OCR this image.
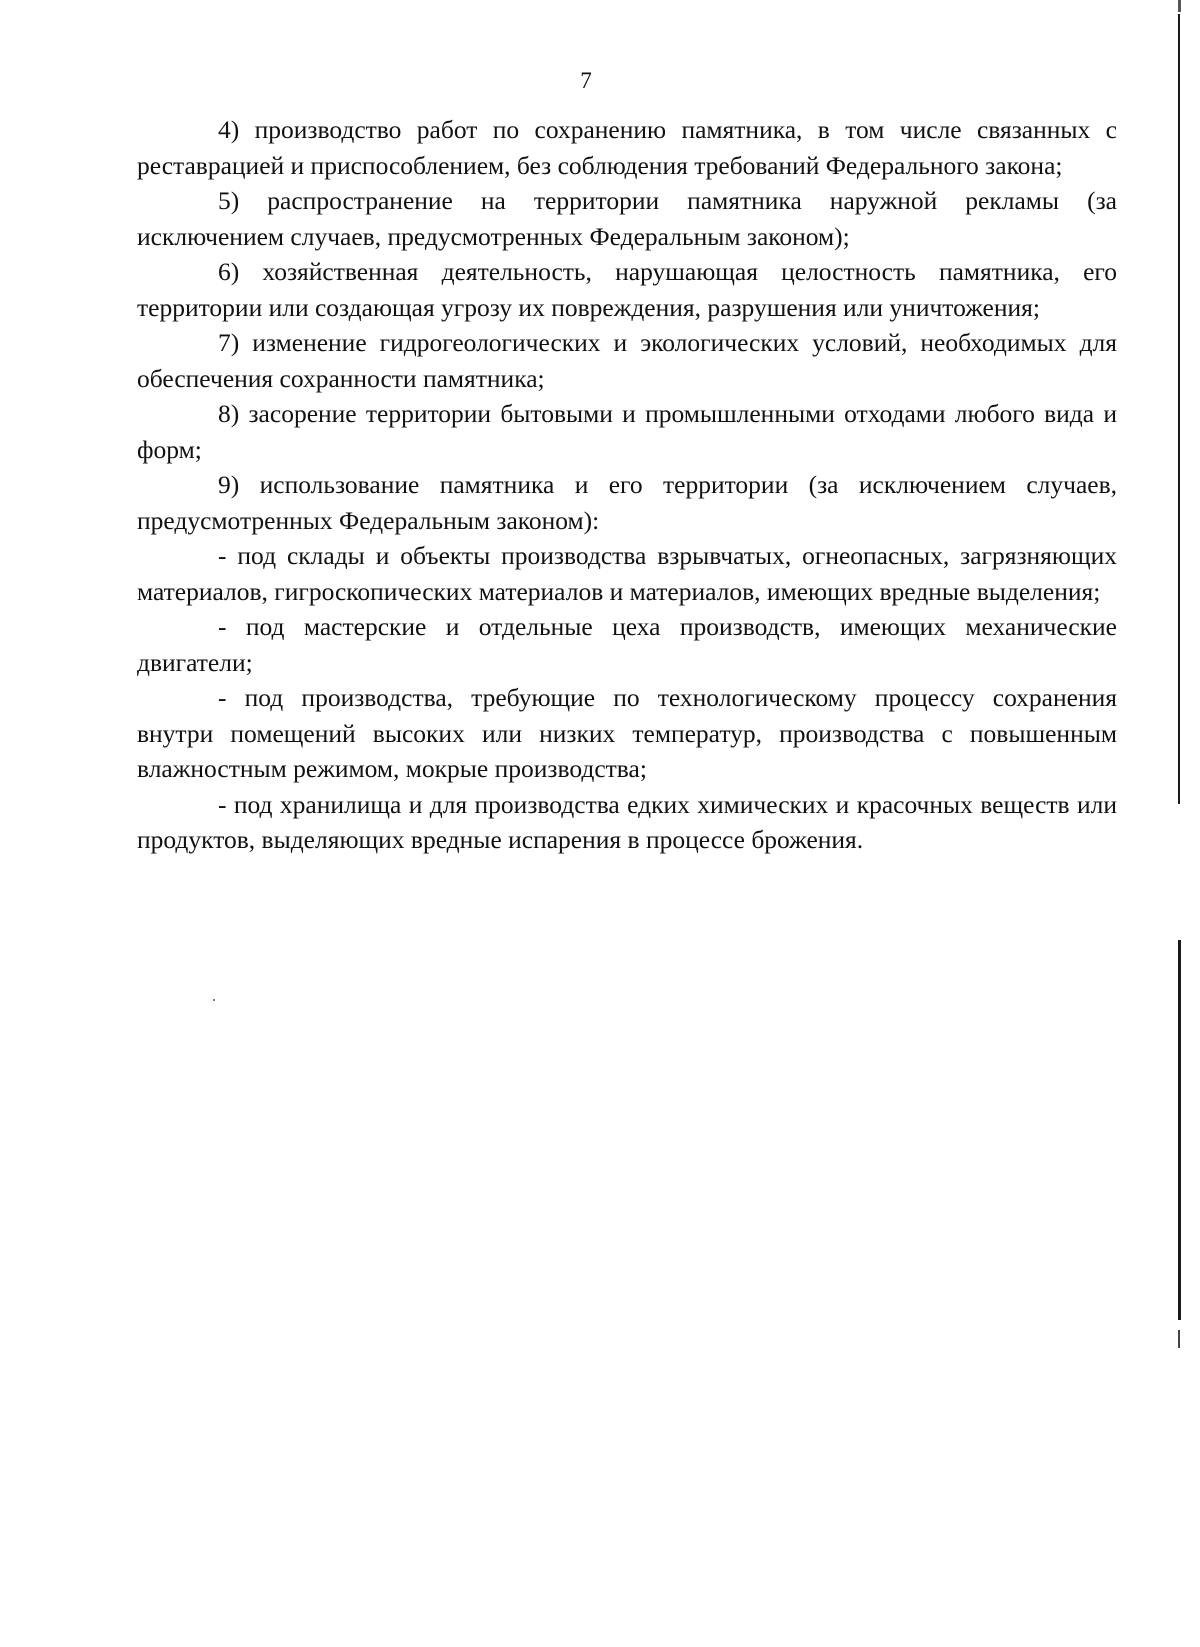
7

4) производство работ по сохранению памятника, в том числе связанных с реставрацией и приспособлением, без соблюдения требований Федерального закона;

5) распространение на территории памятника наружной рекламы (за исключением случаев, предусмотренных Федеральным законом);

6) хозяйственная деятельность, нарушающая целостность памятника, его территории или создающая угрозу их повреждения, разрушения или уничтожения;

7) изменение гидрогеологических и экологических условий, необходимых для обеспечения сохранности памятника;

8) засорение территории бытовыми и промышленными отходами любого вида и форм;

9) использование памятника и его территории (за исключением случаев, предусмотренных Федеральным законом):

- под склады и объекты производства взрывчатых, огнеопасных, загрязняющих материалов, гигроскопических материалов и материалов, имеющих вредные выделения;

- под мастерские и отдельные цеха производств, имеющих механические двигатели;

- под производства, требующие по технологическому процессу сохранения внутри помещений высоких или низких температур, производства с повышенным влажностным режимом, мокрые производства;

- под хранилища и для производства едких химических и красочных веществ или продуктов, выделяющих вредные испарения в процессе брожения.
